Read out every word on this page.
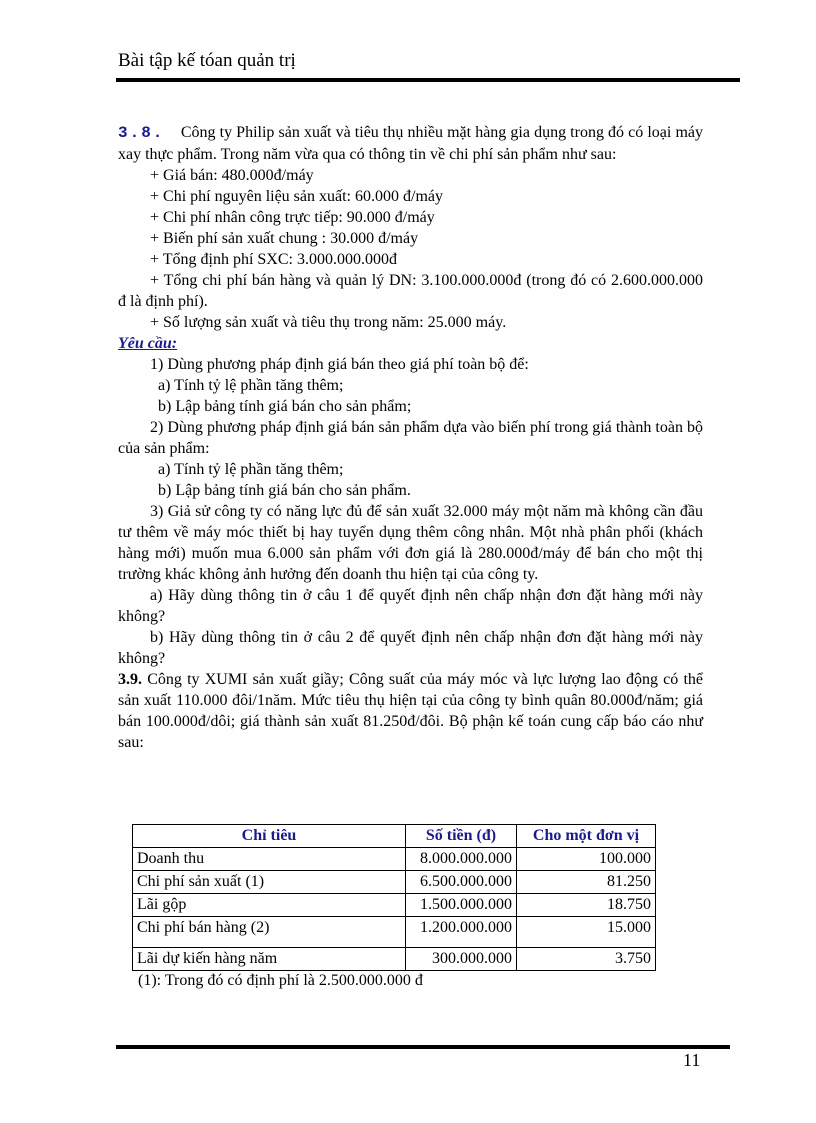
Bài tập kế tóan quản trị

3.8. Công ty Philip sản xuất và tiêu thụ nhiều mặt hàng gia dụng trong đó có loại máy xay thực phẩm. Trong năm vừa qua có thông tin về chi phí sản phẩm như sau:

+ Giá bán: 480.000đ/máy

+ Chi phí nguyên liệu sản xuất: 60.000 đ/máy

+ Chi phí nhân công trực tiếp: 90.000 đ/máy

+ Biến phí sản xuất chung : 30.000 đ/máy

+ Tổng định phí SXC: 3.000.000.000đ

+ Tổng chi phí bán hàng và quản lý DN: 3.100.000.000đ (trong đó có 2.600.000.000 đ là định phí).

+ Số lượng sản xuất và tiêu thụ trong năm: 25.000 máy.

Yêu cầu:

1) Dùng phương pháp định giá bán theo giá phí toàn bộ để:

a) Tính tỷ lệ phần tăng thêm;

b) Lập bảng tính giá bán cho sản phẩm;

2) Dùng phương pháp định giá bán sản phẩm dựa vào biến phí trong giá thành toàn bộ của sản phẩm:

a) Tính tỷ lệ phần tăng thêm;

b) Lập bảng tính giá bán cho sản phẩm.

3) Giả sử công ty có năng lực đủ để sản xuất 32.000 máy một năm mà không cần đầu tư thêm về máy móc thiết bị hay tuyển dụng thêm công nhân. Một nhà phân phối (khách hàng mới) muốn mua 6.000 sản phẩm với đơn giá là 280.000đ/máy để bán cho một thị trường khác không ảnh hưởng đến doanh thu hiện tại của công ty.

a) Hãy dùng thông tin ở câu 1 để quyết định nên chấp nhận đơn đặt hàng mới này không?

b) Hãy dùng thông tin ở câu 2 để quyết định nên chấp nhận đơn đặt hàng mới này không?

3.9. Công ty XUMI sản xuất giầy; Công suất của máy móc và lực lượng lao động có thể sản xuất 110.000 đôi/1năm. Mức tiêu thụ hiện tại của công ty bình quân 80.000đ/năm; giá bán 100.000đ/dôi; giá thành sản xuất 81.250đ/đôi. Bộ phận kế toán cung cấp báo cáo như sau:

Chỉ tiêu	Số tiền (đ)	Cho một đơn vị
Doanh thu	8.000.000.000	100.000
Chi phí sản xuất (1)	6.500.000.000	81.250
Lãi gộp	1.500.000.000	18.750
Chi phí bán hàng (2)	1.200.000.000	15.000
Lãi dự kiến hàng năm	300.000.000	3.750
(1): Trong đó có định phí là 2.500.000.000 đ
11
